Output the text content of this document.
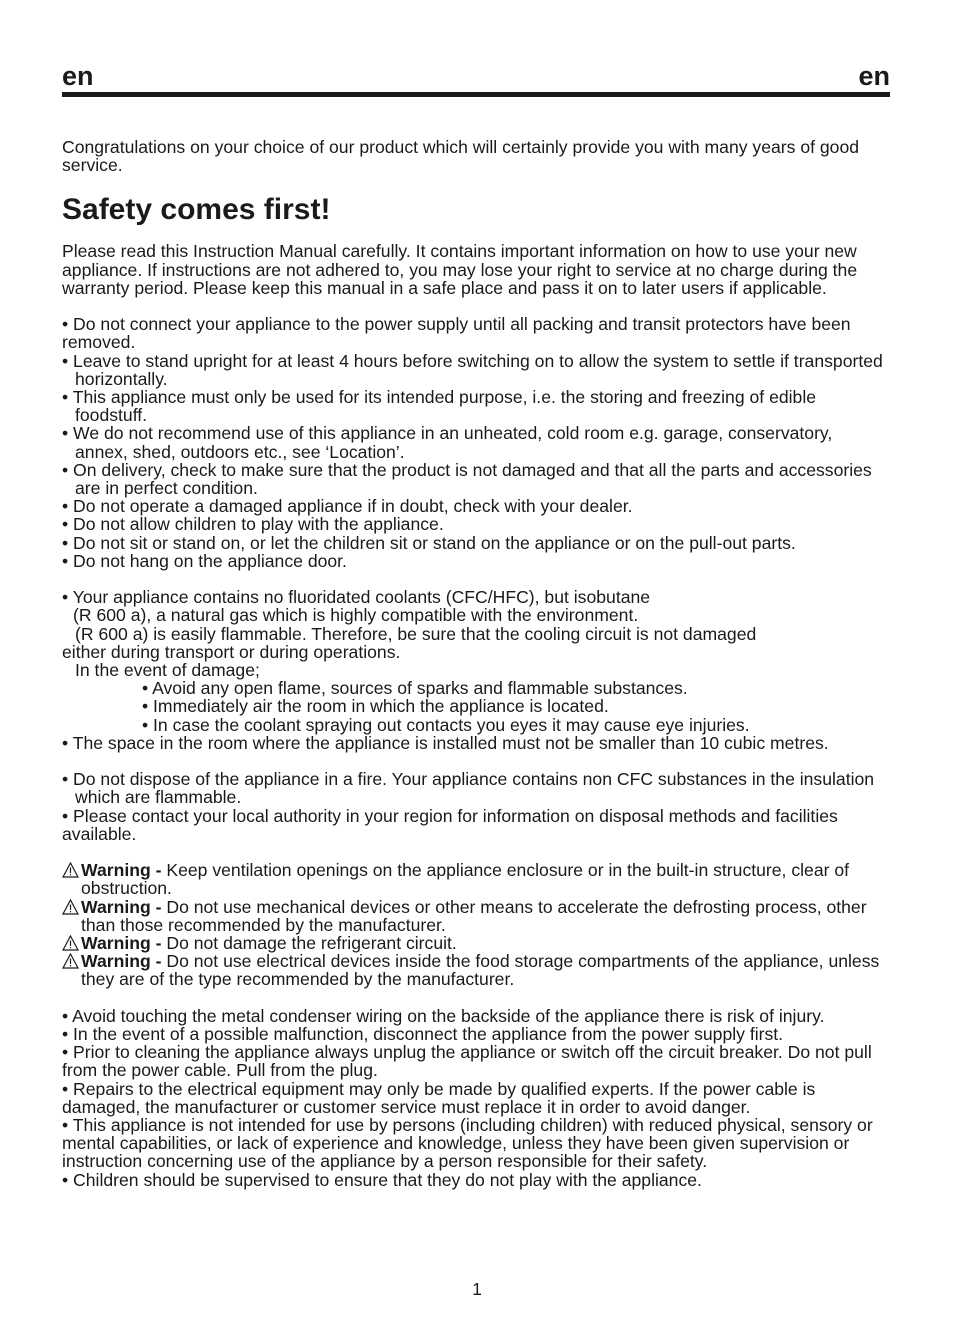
en	en

Congratulations on your choice of our product which will certainly provide you with many years of good service.

Safety comes first!

Please read this Instruction Manual carefully. It contains important information on how to use your new appliance. If instructions are not adhered to, you may lose your right to service at no charge during the warranty period. Please keep this manual in a safe place and pass it on to later users if applicable.

• Do not connect your appliance to the power supply until all packing and transit protectors have been removed.

• Leave to stand upright for at least 4 hours before switching on to allow the system to settle if transported horizontally.

• This appliance must only be used for its intended purpose, i.e. the storing and freezing of edible foodstuff.

• We do not recommend use of this appliance in an unheated, cold room e.g. garage, conservatory, annex, shed, outdoors etc., see ‘Location’.

• On delivery, check to make sure that the product is not damaged and that all the parts and accessories are in perfect condition.

• Do not operate a damaged appliance if in doubt, check with your dealer.

• Do not allow children to play with the appliance.

• Do not sit or stand on, or let the children sit or stand on the appliance or on the pull-out parts.

• Do not hang on the appliance door.

• Your appliance contains no fluoridated coolants (CFC/HFC), but isobutane

(R 600 a), a natural gas which is highly compatible with the environment.

(R 600 a) is easily flammable. Therefore, be sure that the cooling circuit is not damaged

either during transport or during operations.

In the event of damage;

• Avoid any open flame, sources of sparks and flammable substances.

• Immediately air the room in which the appliance is located.

• In case the coolant spraying out contacts you eyes it may cause eye injuries.

• The space in the room where the appliance is installed must not be smaller than 10 cubic metres.

• Do not dispose of the appliance in a fire. Your appliance contains non CFC substances in the insulation which are flammable.

• Please contact your local authority in your region for information on disposal methods and facilities available.

Warning - Keep ventilation openings on the appliance enclosure or in the built-in structure, clear of obstruction.

Warning - Do not use mechanical devices or other means to accelerate the defrosting process, other than those recommended by the manufacturer.

Warning - Do not damage the refrigerant circuit.

Warning - Do not use electrical devices inside the food storage compartments of the appliance, unless they are of the type recommended by the manufacturer.

• Avoid touching the metal condenser wiring on the backside of the appliance there is risk of injury.

• In the event of a possible malfunction, disconnect the appliance from the power supply first.

• Prior to cleaning the appliance always unplug the appliance or switch off the circuit breaker. Do not pull from the power cable. Pull from the plug.

• Repairs to the electrical equipment may only be made by qualified experts. If the power cable is damaged, the manufacturer or customer service must replace it in order to avoid danger.

• This appliance is not intended for use by persons (including children) with reduced physical, sensory or mental capabilities, or lack of experience and knowledge, unless they have been given supervision or instruction concerning use of the appliance by a person responsible for their safety.

• Children should be supervised to ensure that they do not play with the appliance.

1
